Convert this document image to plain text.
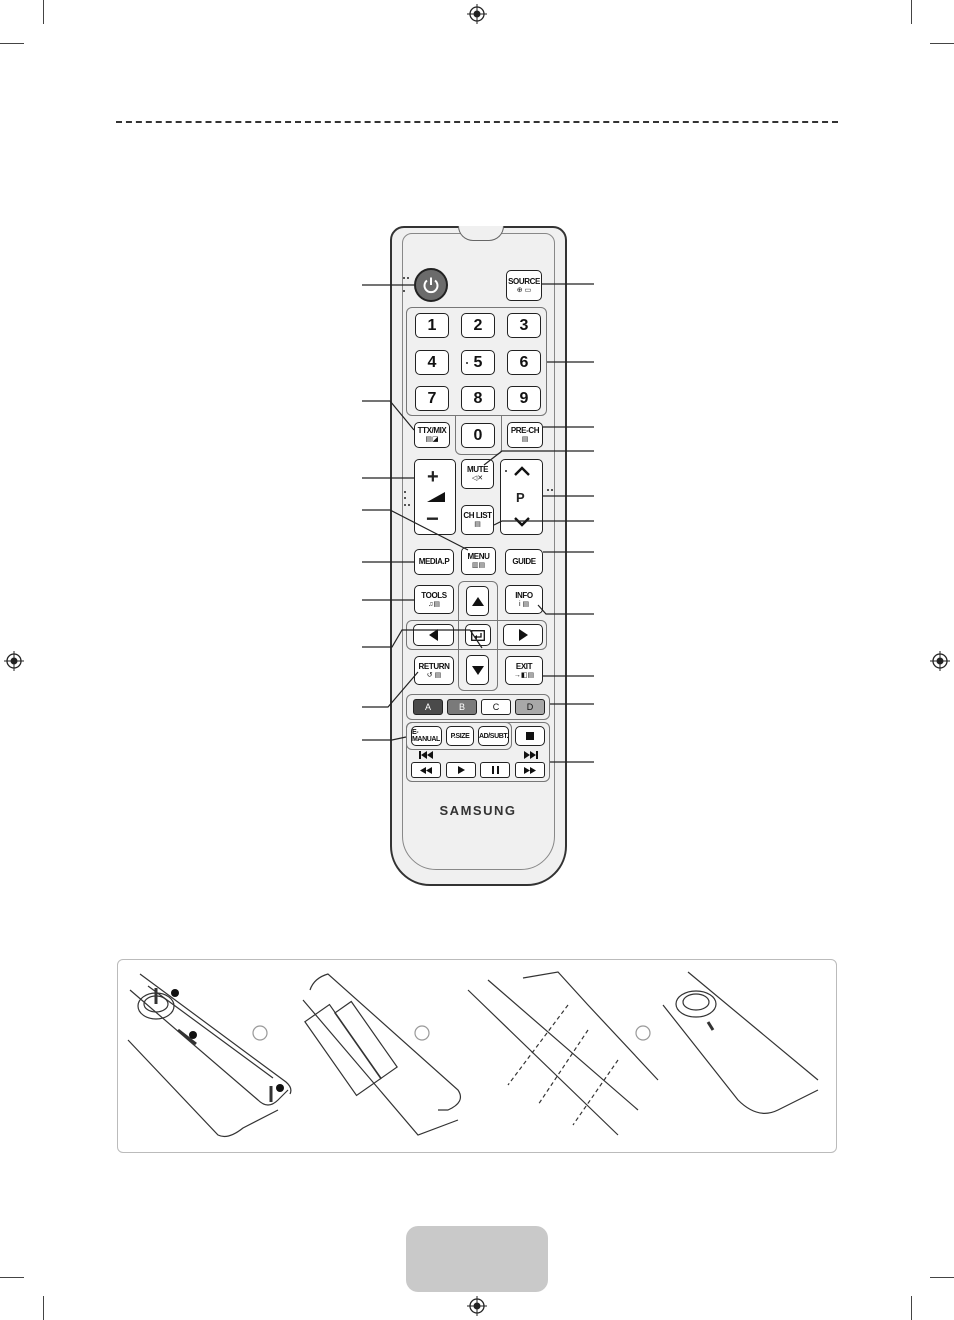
SOURCE
⊕ ▭
1 2 3
4 5 6
7 8 9
0
TTX/MIX
▤◪
PRE-CH
▤
+
−
P
MUTE
◁✕
CH LIST
▤
MEDIA.P
MENU
▥▤	GUIDE
TOOLS
♫▤
INFO
i ▤
RETURN
↺ ▤
EXIT
→◧▤
A	B	C	D
E-MANUAL P.SIZE AD/SUBT.
SAMSUNG
